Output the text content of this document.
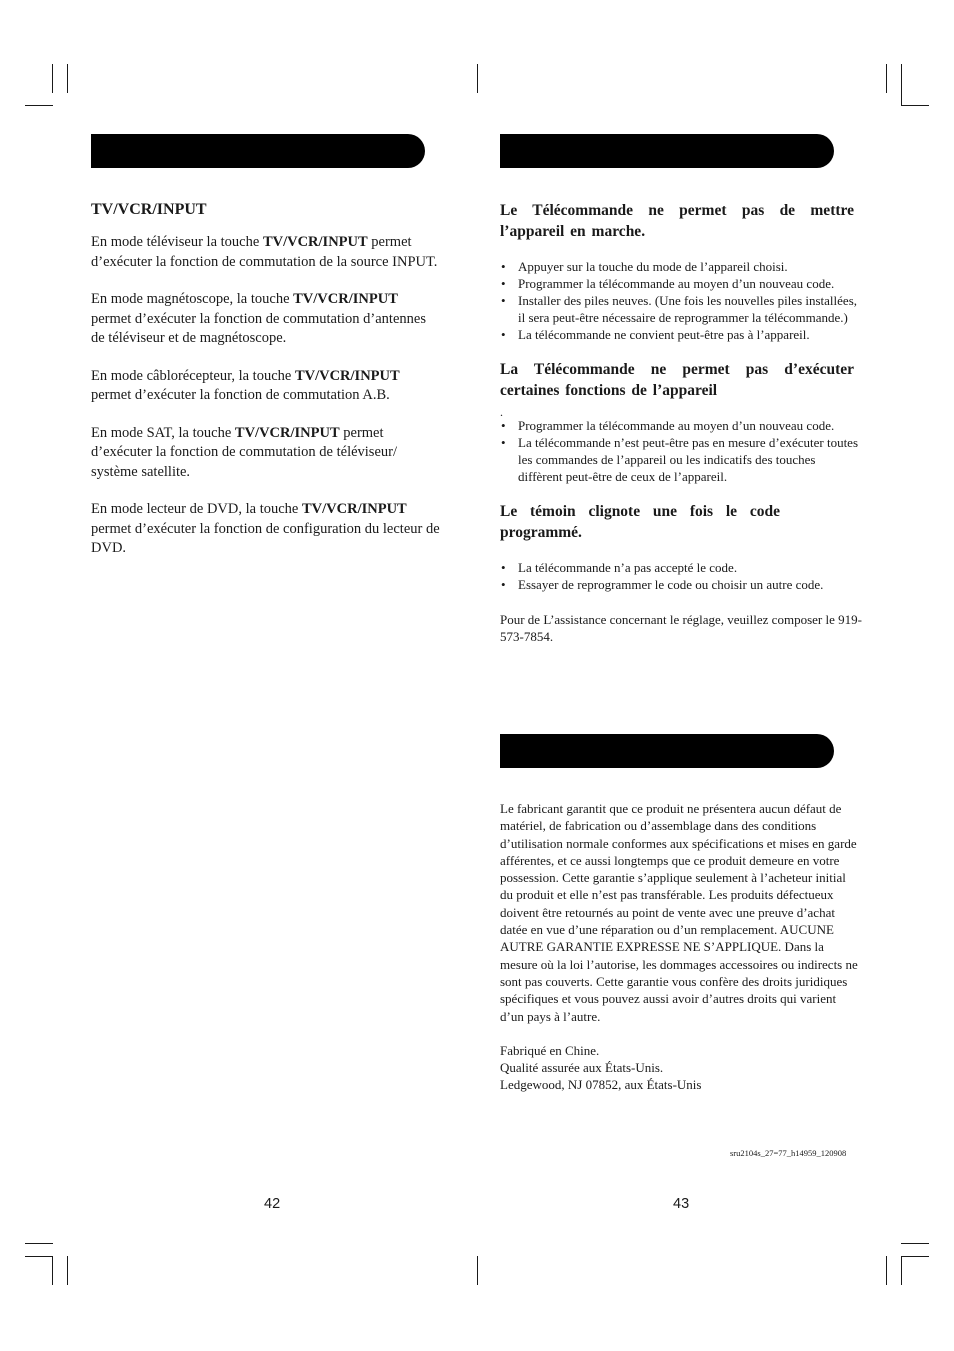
TV/VCR/INPUT

En mode téléviseur la touche TV/VCR/INPUT permet d’exécuter la fonction de commutation de la source INPUT.

En mode magnétoscope, la touche TV/VCR/INPUT permet d’exécuter la fonction de commutation d’antennes de téléviseur et de magnétoscope.

En mode câblorécepteur, la touche TV/VCR/INPUT permet d’exécuter la fonction de commutation A.B.

En mode SAT, la touche TV/VCR/INPUT permet d’exécuter la fonction de commutation de téléviseur/ système satellite.

En mode lecteur de DVD, la touche TV/VCR/INPUT permet d’exécuter la fonction de configuration du lecteur de DVD.

Le Télécommande ne permet pas de mettre l’appareil en marche.

• Appuyer sur la touche du mode de l’appareil choisi.
• Programmer la télécommande au moyen d’un nouveau code.
• Installer des piles neuves. (Une fois les nouvelles piles installées, il sera peut-être nécessaire de reprogrammer la télécommande.)
• La télécommande ne convient peut-être pas à l’appareil.

La Télécommande ne permet pas d’exécuter certaines fonctions de l’appareil

.

• Programmer la télécommande au moyen d’un nouveau code.
• La télécommande n’est peut-être pas en mesure d’exécuter toutes les commandes de l’appareil ou les indicatifs des touches diffèrent peut-être de ceux de l’appareil.

Le témoin clignote une fois le code programmé.

• La télécommande n’a pas accepté le code.
• Essayer de reprogrammer le code ou choisir un autre code.

Pour de L’assistance concernant le réglage, veuillez composer le 919-573-7854.

Le fabricant garantit que ce produit ne présentera aucun défaut de matériel, de fabrication ou d’assemblage dans des conditions d’utilisation normale conformes aux spécifications et mises en garde afférentes, et ce aussi longtemps que ce produit demeure en votre possession. Cette garantie s’applique seulement à l’acheteur initial du produit et elle n’est pas transférable. Les produits défectueux doivent être retournés au point de vente avec une preuve d’achat datée en vue d’une réparation ou d’un remplacement. AUCUNE AUTRE GARANTIE EXPRESSE NE S’APPLIQUE. Dans la mesure où la loi l’autorise, les dommages accessoires ou indirects ne sont pas couverts. Cette garantie vous confère des droits juridiques spécifiques et vous pouvez aussi avoir d’autres droits qui varient d’un pays à l’autre.

Fabriqué en Chine.

Qualité assurée aux États-Unis.

Ledgewood, NJ 07852, aux États-Unis

sru2104s_27=77_h14959_120908
42	43
